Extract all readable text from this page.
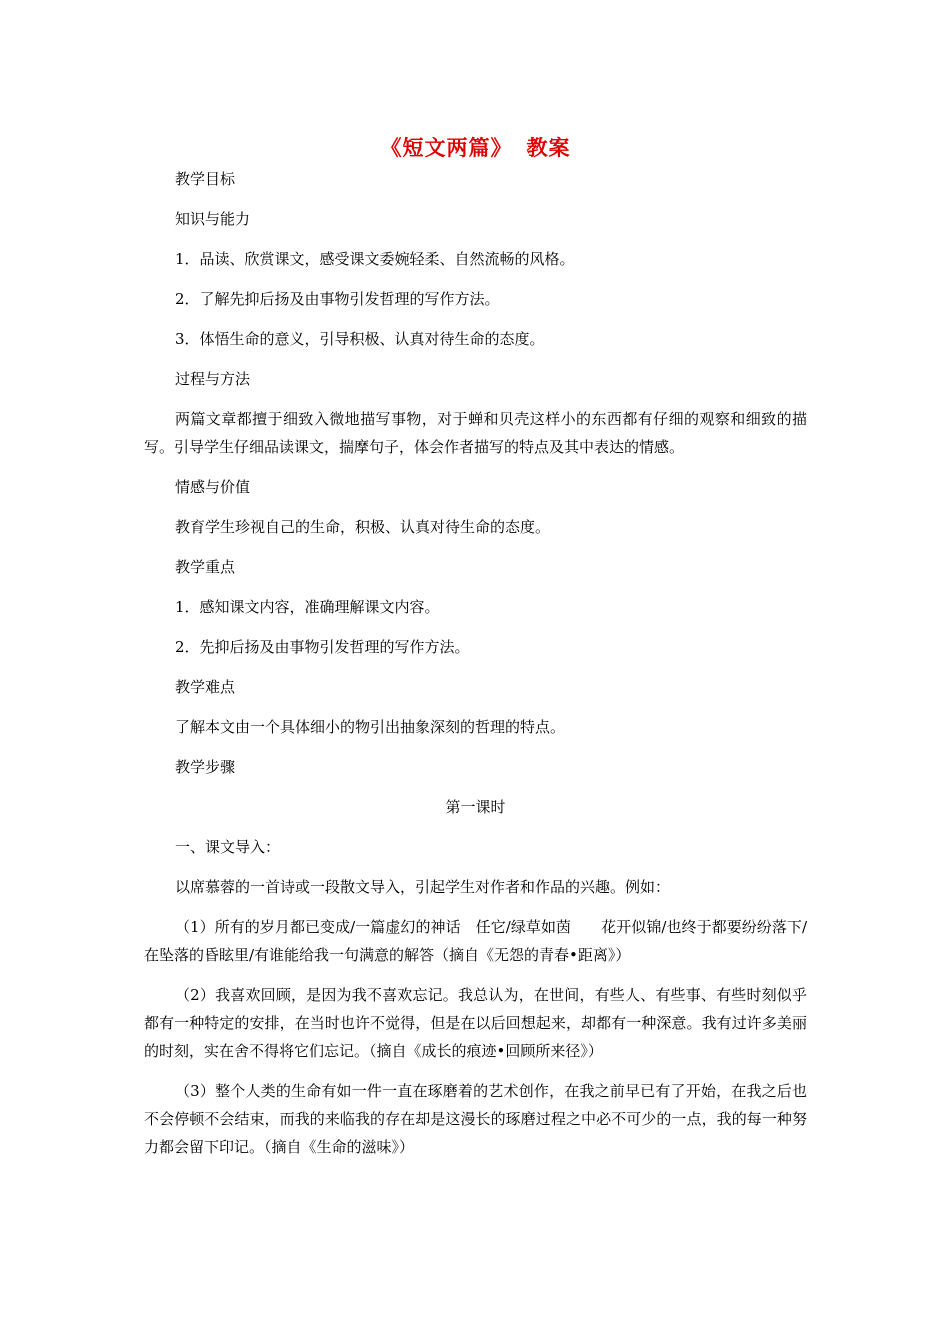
《短文两篇》 教案
教学目标
知识与能力
1．品读、欣赏课文，感受课文委婉轻柔、自然流畅的风格。
2．了解先抑后扬及由事物引发哲理的写作方法。
3．体悟生命的意义，引导积极、认真对待生命的态度。
过程与方法
两篇文章都擅于细致入微地描写事物，对于蝉和贝壳这样小的东西都有仔细的观察和细致的描写。引导学生仔细品读课文，揣摩句子，体会作者描写的特点及其中表达的情感。
情感与价值
教育学生珍视自己的生命，积极、认真对待生命的态度。
教学重点
1．感知课文内容，准确理解课文内容。
2．先抑后扬及由事物引发哲理的写作方法。
教学难点
了解本文由一个具体细小的物引出抽象深刻的哲理的特点。
教学步骤
第一课时
一、课文导入：
以席慕蓉的一首诗或一段散文导入，引起学生对作者和作品的兴趣。例如：
（1）所有的岁月都已变成/一篇虚幻的神话　任它/绿草如茵　　花开似锦/也终于都要纷纷落下/在坠落的昏眩里/有谁能给我一句满意的解答（摘自《无怨的青春•距离》）
（2）我喜欢回顾，是因为我不喜欢忘记。我总认为，在世间，有些人、有些事、有些时刻似乎都有一种特定的安排，在当时也许不觉得，但是在以后回想起来，却都有一种深意。我有过许多美丽的时刻，实在舍不得将它们忘记。（摘自《成长的痕迹•回顾所来径》）
（3）整个人类的生命有如一件一直在琢磨着的艺术创作，在我之前早已有了开始，在我之后也不会停顿不会结束，而我的来临我的存在却是这漫长的琢磨过程之中必不可少的一点，我的每一种努力都会留下印记。（摘自《生命的滋味》）
